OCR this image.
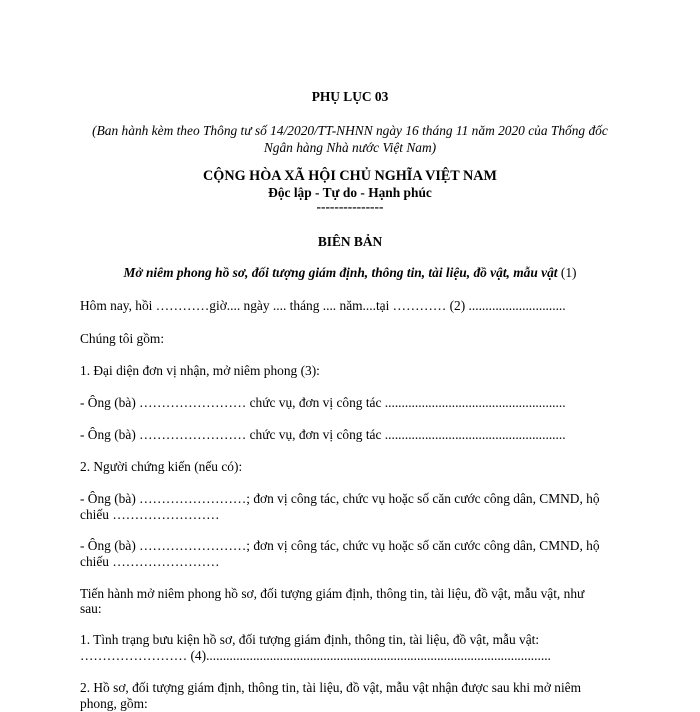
PHỤ LỤC 03
(Ban hành kèm theo Thông tư số 14/2020/TT-NHNN ngày 16 tháng 11 năm 2020 của Thống đốc Ngân hàng Nhà nước Việt Nam)
CỘNG HÒA XÃ HỘI CHỦ NGHĨA VIỆT NAM
Độc lập - Tự do - Hạnh phúc
---------------
BIÊN BẢN
Mở niêm phong hồ sơ, đối tượng giám định, thông tin, tài liệu, đồ vật, mẫu vật (1)
Hôm nay, hồi …………giờ.... ngày .... tháng .... năm....tại ………… (2) .............................
Chúng tôi gồm:
1. Đại diện đơn vị nhận, mở niêm phong (3):
- Ông (bà) …………………… chức vụ, đơn vị công tác ......................................................
- Ông (bà) …………………… chức vụ, đơn vị công tác ......................................................
2. Người chứng kiến (nếu có):
- Ông (bà) ……………………; đơn vị công tác, chức vụ hoặc số căn cước công dân, CMND, hộ
chiếu ……………………
- Ông (bà) ……………………; đơn vị công tác, chức vụ hoặc số căn cước công dân, CMND, hộ
chiếu ……………………
Tiến hành mở niêm phong hồ sơ, đối tượng giám định, thông tin, tài liệu, đồ vật, mẫu vật, như
sau:
1. Tình trạng bưu kiện hồ sơ, đối tượng giám định, thông tin, tài liệu, đồ vật, mẫu vật:
…………………… (4).......................................................................................................
2. Hồ sơ, đối tượng giám định, thông tin, tài liệu, đồ vật, mẫu vật nhận được sau khi mở niêm
phong, gồm:
